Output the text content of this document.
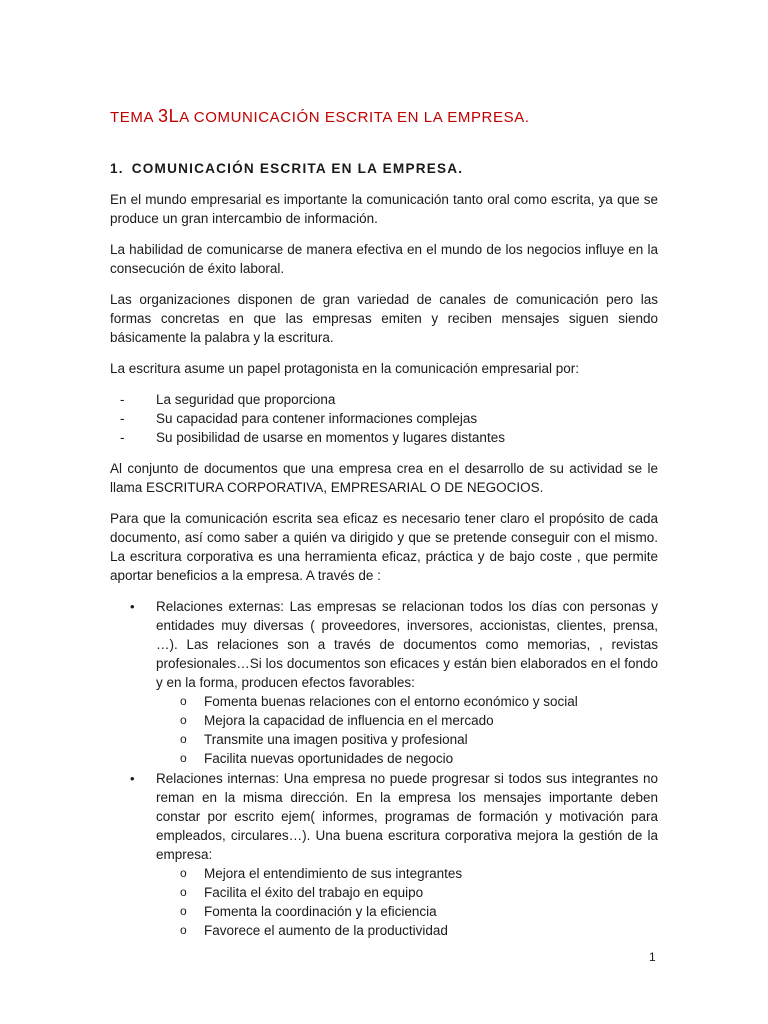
TEMA 3LA COMUNICACIÓN ESCRITA EN LA EMPRESA.
1. COMUNICACIÓN ESCRITA EN LA EMPRESA.

En el mundo empresarial es importante la comunicación tanto oral como escrita, ya que se produce un gran intercambio de información.

La habilidad de comunicarse de manera efectiva en el mundo de los negocios influye en la consecución de éxito laboral.

Las organizaciones disponen de gran variedad de canales de comunicación pero las formas concretas en que las empresas emiten y reciben mensajes siguen siendo básicamente la palabra y la escritura.

La escritura asume un papel protagonista en la comunicación empresarial por:

- La seguridad que proporciona
- Su capacidad para contener informaciones complejas
- Su posibilidad de usarse en momentos y lugares distantes

Al conjunto de documentos que una empresa crea en el desarrollo de su actividad se le llama ESCRITURA CORPORATIVA, EMPRESARIAL O DE NEGOCIOS.

Para que la comunicación escrita sea eficaz es necesario tener claro el propósito de cada documento, así como saber a quién va dirigido y que se pretende conseguir con el mismo. La escritura corporativa es una herramienta eficaz, práctica y de bajo coste , que permite aportar beneficios a la empresa. A través de :

• Relaciones externas: Las empresas se relacionan todos los días con personas y entidades muy diversas ( proveedores, inversores, accionistas, clientes, prensa, …). Las relaciones son a través de documentos como memorias, , revistas profesionales…Si los documentos son eficaces y están bien elaborados en el fondo y en la forma, producen efectos favorables:
o Fomenta buenas relaciones con el entorno económico y social
o Mejora la capacidad de influencia en el mercado
o Transmite una imagen positiva y profesional
o Facilita nuevas oportunidades de negocio
• Relaciones internas: Una empresa no puede progresar si todos sus integrantes no reman en la misma dirección. En la empresa los mensajes importante deben constar por escrito ejem( informes, programas de formación y motivación para empleados, circulares…). Una buena escritura corporativa mejora la gestión de la empresa:
o Mejora el entendimiento de sus integrantes
o Facilita el éxito del trabajo en equipo
o Fomenta la coordinación y la eficiencia
o Favorece el aumento de la productividad
1
